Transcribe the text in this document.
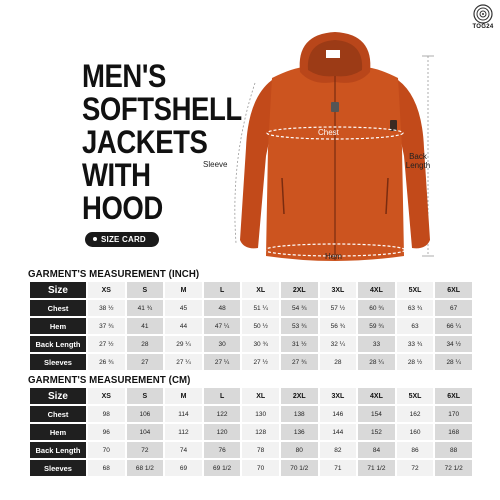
TOG24
MEN'S
SOFTSHELL
JACKETS
WITH
HOOD
SIZE CARD
Chest
Sleeve
Back
Length
Hem
GARMENT'S MEASUREMENT (INCH)
Size	XS	S	M	L	XL	2XL	3XL	4XL	5XL	6XL
Chest	38 ½	41 ¾	45	48	51 ¼	54 ¾	57 ½	60 ¾	63 ¾	67
Hem	37 ¾	41	44	47 ¼	50 ½	53 ¾	56 ¾	59 ¾	63	66 ¼
Back Length	27 ½	28	29 ¼	30	30 ¾	31 ½	32 ¼	33	33 ¾	34 ½
Sleeves	26 ¾	27	27 ¼	27 ¼	27 ½	27 ¾	28	28 ¼	28 ½	28 ¼
GARMENT'S MEASUREMENT (CM)
Size	XS	S	M	L	XL	2XL	3XL	4XL	5XL	6XL
Chest	98	106	114	122	130	138	146	154	162	170
Hem	96	104	112	120	128	136	144	152	160	168
Back Length	70	72	74	76	78	80	82	84	86	88
Sleeves	68	68 1/2	69	69 1/2	70	70 1/2	71	71 1/2	72	72 1/2
